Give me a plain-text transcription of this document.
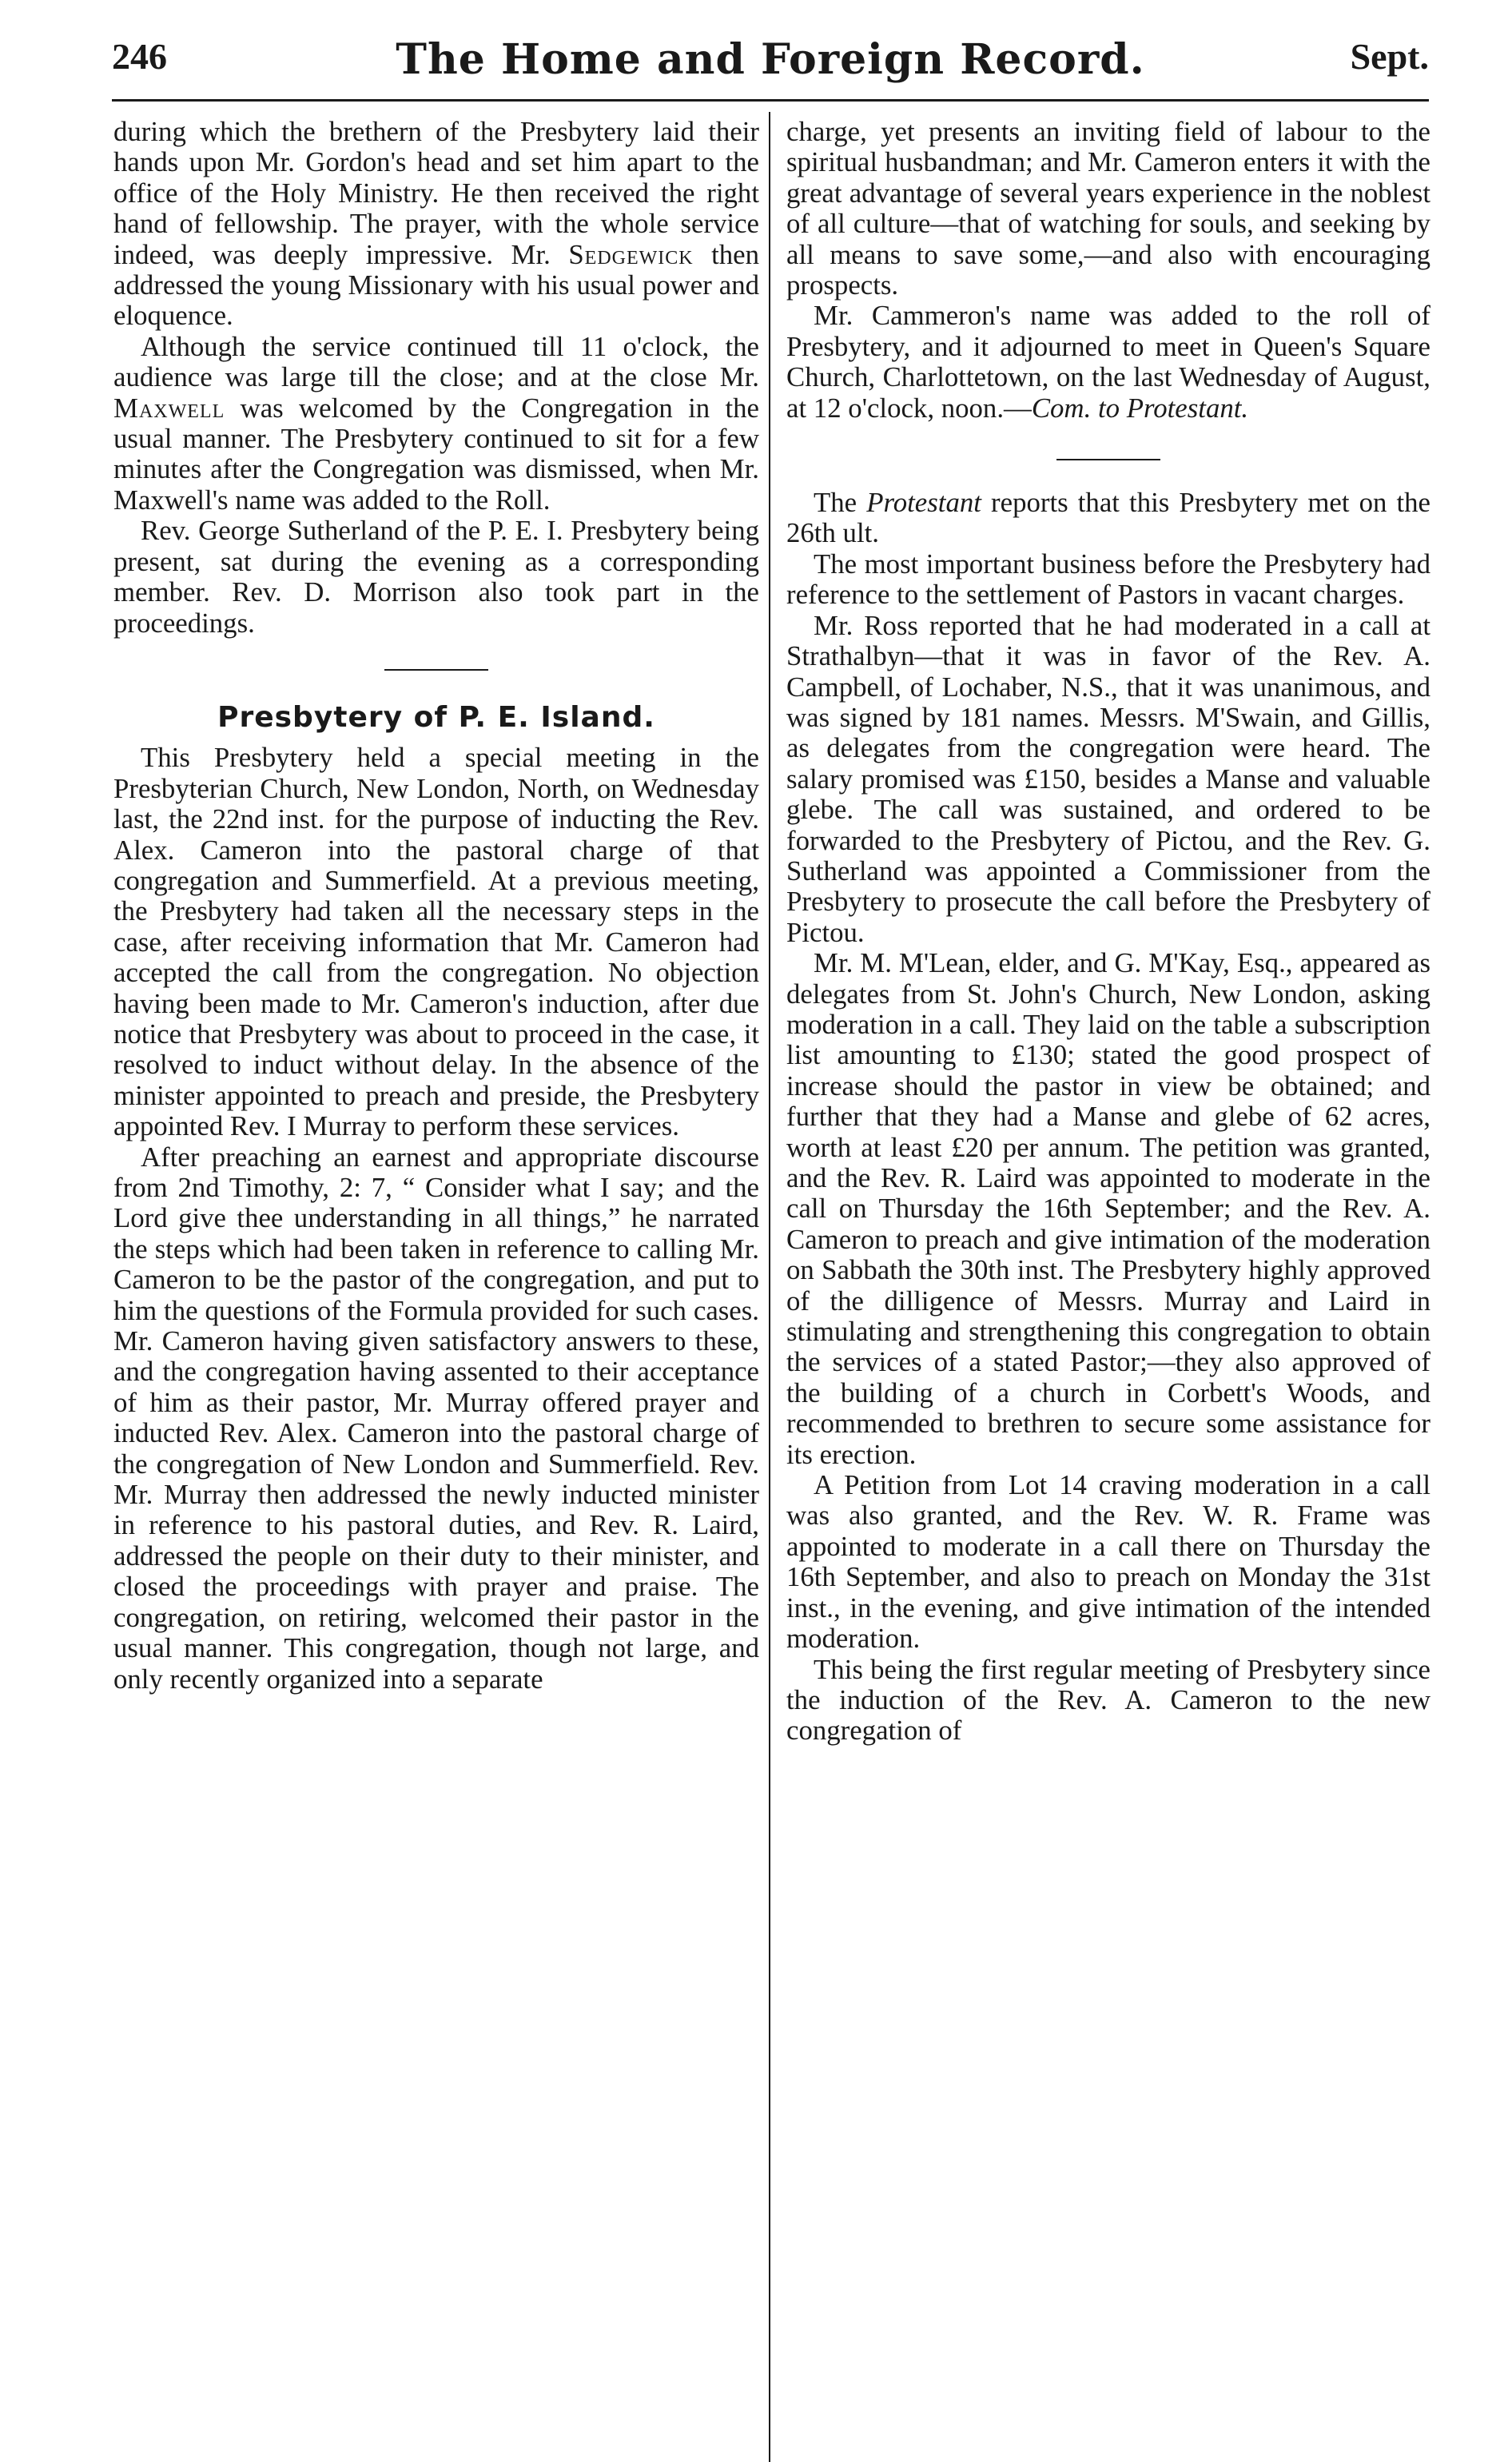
246	The Home and Foreign Record.	Sept.

during which the brethern of the Presbytery laid their hands upon Mr. Gordon's head and set him apart to the office of the Holy Ministry. He then received the right hand of fellowship. The prayer, with the whole service indeed, was deeply impressive. Mr. Sedgewick then addressed the young Missionary with his usual power and eloquence.

Although the service continued till 11 o'clock, the audience was large till the close; and at the close Mr. Maxwell was welcomed by the Congregation in the usual manner. The Presbytery continued to sit for a few minutes after the Congregation was dismissed, when Mr. Maxwell's name was added to the Roll.

Rev. George Sutherland of the P. E. I. Presbytery being present, sat during the evening as a corresponding member. Rev. D. Morrison also took part in the proceedings.

Presbytery of P. E. Island.

This Presbytery held a special meeting in the Presbyterian Church, New London, North, on Wednesday last, the 22nd inst. for the purpose of inducting the Rev. Alex. Cameron into the pastoral charge of that congregation and Summerfield. At a previous meeting, the Presbytery had taken all the necessary steps in the case, after receiving information that Mr. Cameron had accepted the call from the congregation. No objection having been made to Mr. Cameron's induction, after due notice that Presbytery was about to proceed in the case, it resolved to induct without delay. In the absence of the minister appointed to preach and preside, the Presbytery appointed Rev. I Murray to perform these services.

After preaching an earnest and appropriate discourse from 2nd Timothy, 2: 7, “ Consider what I say; and the Lord give thee understanding in all things,” he narrated the steps which had been taken in reference to calling Mr. Cameron to be the pastor of the congregation, and put to him the questions of the Formula provided for such cases. Mr. Cameron having given satisfactory answers to these, and the congregation having assented to their acceptance of him as their pastor, Mr. Murray offered prayer and inducted Rev. Alex. Cameron into the pastoral charge of the congregation of New London and Summerfield. Rev. Mr. Murray then addressed the newly inducted minister in reference to his pastoral duties, and Rev. R. Laird, addressed the people on their duty to their minister, and closed the proceedings with prayer and praise. The congregation, on retiring, welcomed their pastor in the usual manner. This congregation, though not large, and only recently organized into a separate

charge, yet presents an inviting field of labour to the spiritual husbandman; and Mr. Cameron enters it with the great advantage of several years experience in the noblest of all culture—that of watching for souls, and seeking by all means to save some,—and also with encouraging prospects.

Mr. Cammeron's name was added to the roll of Presbytery, and it adjourned to meet in Queen's Square Church, Charlottetown, on the last Wednesday of August, at 12 o'clock, noon.—Com. to Protestant.

The Protestant reports that this Presbytery met on the 26th ult.

The most important business before the Presbytery had reference to the settlement of Pastors in vacant charges.

Mr. Ross reported that he had moderated in a call at Strathalbyn—that it was in favor of the Rev. A. Campbell, of Lochaber, N.S., that it was unanimous, and was signed by 181 names. Messrs. M'Swain, and Gillis, as delegates from the congregation were heard. The salary promised was £150, besides a Manse and valuable glebe. The call was sustained, and ordered to be forwarded to the Presbytery of Pictou, and the Rev. G. Sutherland was appointed a Commissioner from the Presbytery to prosecute the call before the Presbytery of Pictou.

Mr. M. M'Lean, elder, and G. M'Kay, Esq., appeared as delegates from St. John's Church, New London, asking moderation in a call. They laid on the table a subscription list amounting to £130; stated the good prospect of increase should the pastor in view be obtained; and further that they had a Manse and glebe of 62 acres, worth at least £20 per annum. The petition was granted, and the Rev. R. Laird was appointed to moderate in the call on Thursday the 16th September; and the Rev. A. Cameron to preach and give intimation of the moderation on Sabbath the 30th inst. The Presbytery highly approved of the dilligence of Messrs. Murray and Laird in stimulating and strengthening this congregation to obtain the services of a stated Pastor;—they also approved of the building of a church in Corbett's Woods, and recommended to brethren to secure some assistance for its erection.

A Petition from Lot 14 craving moderation in a call was also granted, and the Rev. W. R. Frame was appointed to moderate in a call there on Thursday the 16th September, and also to preach on Monday the 31st inst., in the evening, and give intimation of the intended moderation.

This being the first regular meeting of Presbytery since the induction of the Rev. A. Cameron to the new congregation of
